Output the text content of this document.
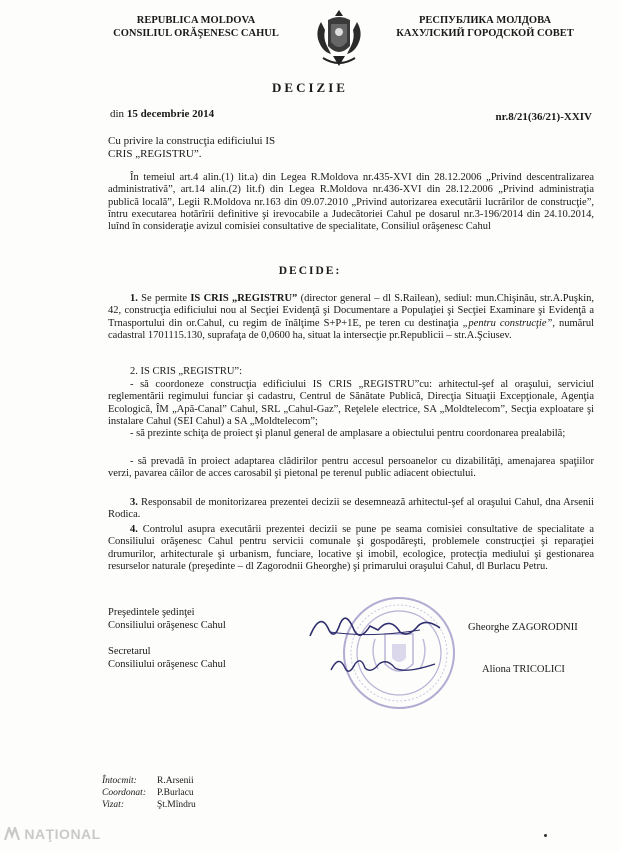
REPUBLICA MOLDOVA
CONSILIUL ORĂŞENESC CAHUL
РЕСПУБЛИКА МОЛДОВА
КАХУЛСКИЙ ГОРОДСКОЙ СОВЕТ
DECIZIE
din 15 decembrie 2014	nr.8/21(36/21)-XXIV
Cu privire la construcţia edificiului IS
CRIS „REGISTRU”.
În temeiul art.4 alin.(1) lit.a) din Legea R.Moldova nr.435-XVI din 28.12.2006 „Privind descentralizarea administrativă”, art.14 alin.(2) lit.f) din Legea R.Moldova nr.436-XVI din 28.12.2006 „Privind administraţia publică locală”, Legii R.Moldova nr.163 din 09.07.2010 „Privind autorizarea executării lucrărilor de construcţie”, întru executarea hotărîrii definitive şi irevocabile a Judecătoriei Cahul pe dosarul nr.3-196/2014 din 24.10.2014, luînd în consideraţie avizul comisiei consultative de specialitate, Consiliul orăşenesc Cahul
DECIDE:
1. Se permite IS CRIS „REGISTRU” (director general – dl S.Railean), sediul: mun.Chişinău, str.A.Puşkin, 42, construcţia edificiului nou al Secţiei Evidenţă şi Documentare a Populaţiei şi Secţiei Examinare şi Evidenţă a Trnasportului din or.Cahul, cu regim de înălţime S+P+1E, pe teren cu destinaţia „pentru construcţie”, numărul cadastral 1701115.130, suprafaţa de 0,0600 ha, situat la intersecţie pr.Republicii – str.A.Şciusev.
2. IS CRIS „REGISTRU”:
- să coordoneze construcţia edificiului IS CRIS „REGISTRU”cu: arhitectul-şef al oraşului, serviciul reglementării regimului funciar şi cadastru, Centrul de Sănătate Publică, Direcţia Situaţii Excepţionale, Agenţia Ecologică, ÎM „Apă-Canal” Cahul, SRL „Cahul-Gaz”, Reţelele electrice, SA „Moldtelecom”, Secţia exploatare şi instalare Cahul (SEI Cahul) a SA „Moldtelecom”;
- să prezinte schiţa de proiect şi planul general de amplasare a obiectului pentru coordonarea prealabilă;
- să prevadă în proiect adaptarea clădirilor pentru accesul persoanelor cu dizabilităţi, amenajarea spaţiilor verzi, pavarea căilor de acces carosabil şi pietonal pe terenul public adiacent obiectului.
3. Responsabil de monitorizarea prezentei decizii se desemnează arhitectul-şef al oraşului Cahul, dna Arsenii Rodica.
4. Controlul asupra executării prezentei decizii se pune pe seama comisiei consultative de specialitate a Consiliului orăşenesc Cahul pentru servicii comunale şi gospodăreşti, problemele construcţiei şi reparaţiei drumurilor, arhitecturale şi urbanism, funciare, locative şi imobil, ecologice, protecţia mediului şi gestionarea resurselor naturale (preşedinte – dl Zagorodnii Gheorghe) şi primarului oraşului Cahul, dl Burlacu Petru.
Preşedintele şedinţei
Consiliului orăşenesc Cahul	Gheorghe ZAGORODNII
Secretarul
Consiliului orăşenesc Cahul	Aliona TRICOLICI
Întocmit: R.Arsenii
Coordonat: P.Burlacu
Vizat:	Şt.Mîndru
NAŢIONAL
